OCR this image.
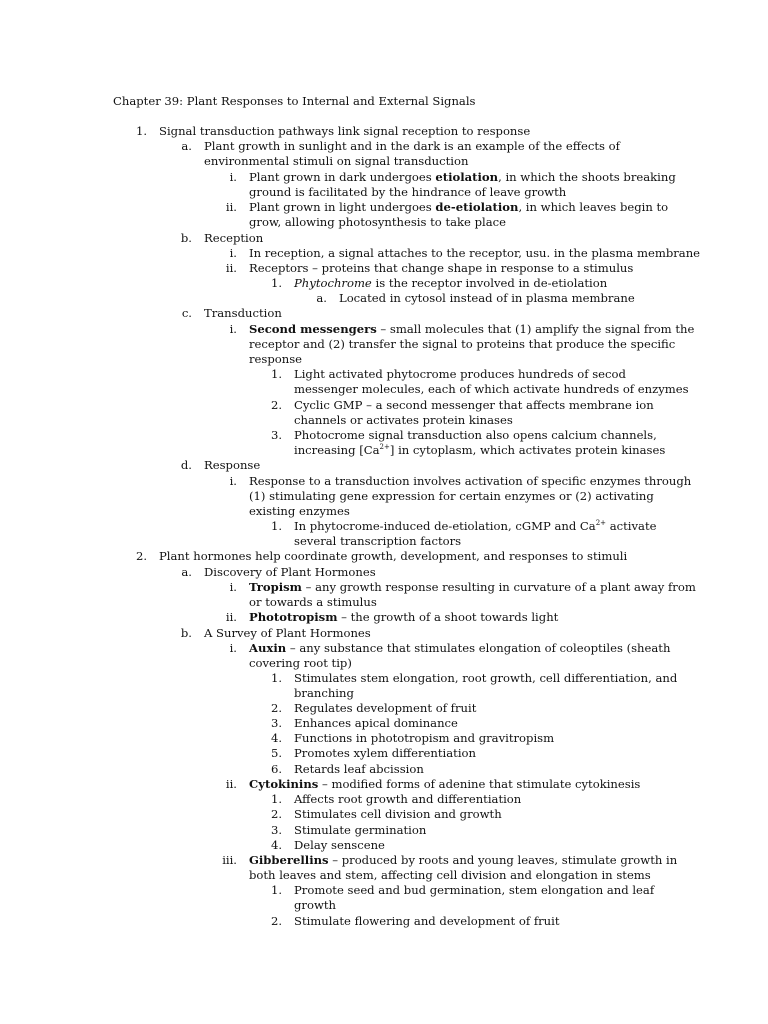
Chapter 39: Plant Responses to Internal and External Signals
1. Signal transduction pathways link signal reception to response
a. Plant growth in sunlight and in the dark is an example of the effects of
environmental stimuli on signal transduction
i. Plant grown in dark undergoes etiolation, in which the shoots breaking
ground is facilitated by the hindrance of leave growth
ii. Plant grown in light undergoes de-etiolation, in which leaves begin to
grow, allowing photosynthesis to take place
b. Reception
i. In reception, a signal attaches to the receptor, usu. in the plasma membrane
ii. Receptors – proteins that change shape in response to a stimulus
1. Phytochrome is the receptor involved in de-etiolation
a. Located in cytosol instead of in plasma membrane
c. Transduction
i. Second messengers – small molecules that (1) amplify the signal from the
receptor and (2) transfer the signal to proteins that produce the specific
response
1. Light activated phytocrome produces hundreds of secod
messenger molecules, each of which activate hundreds of enzymes
2. Cyclic GMP – a second messenger that affects membrane ion
channels or activates protein kinases
3. Photocrome signal transduction also opens calcium channels,
increasing $[Ca^{2+}]$ in cytoplasm, which activates protein kinases
d. Response
i. Response to a transduction involves activation of specific enzymes through
(1) stimulating gene expression for certain enzymes or (2) activating
existing enzymes
1. In phytocrome-induced de-etiolation, cGMP and $Ca^{2+}$ activate
several transcription factors
2. Plant hormones help coordinate growth, development, and responses to stimuli
a. Discovery of Plant Hormones
i. Tropism – any growth response resulting in curvature of a plant away from
or towards a stimulus
ii. Phototropism – the growth of a shoot towards light
b. A Survey of Plant Hormones
i. Auxin – any substance that stimulates elongation of coleoptiles (sheath
covering root tip)
1. Stimulates stem elongation, root growth, cell differentiation, and
branching
2. Regulates development of fruit
3. Enhances apical dominance
4. Functions in phototropism and gravitropism
5. Promotes xylem differentiation
6. Retards leaf abcission
ii. Cytokinins – modified forms of adenine that stimulate cytokinesis
1. Affects root growth and differentiation
2. Stimulates cell division and growth
3. Stimulate germination
4. Delay senscene
iii. Gibberellins – produced by roots and young leaves, stimulate growth in
both leaves and stem, affecting cell division and elongation in stems
1. Promote seed and bud germination, stem elongation and leaf
growth
2. Stimulate flowering and development of fruit
